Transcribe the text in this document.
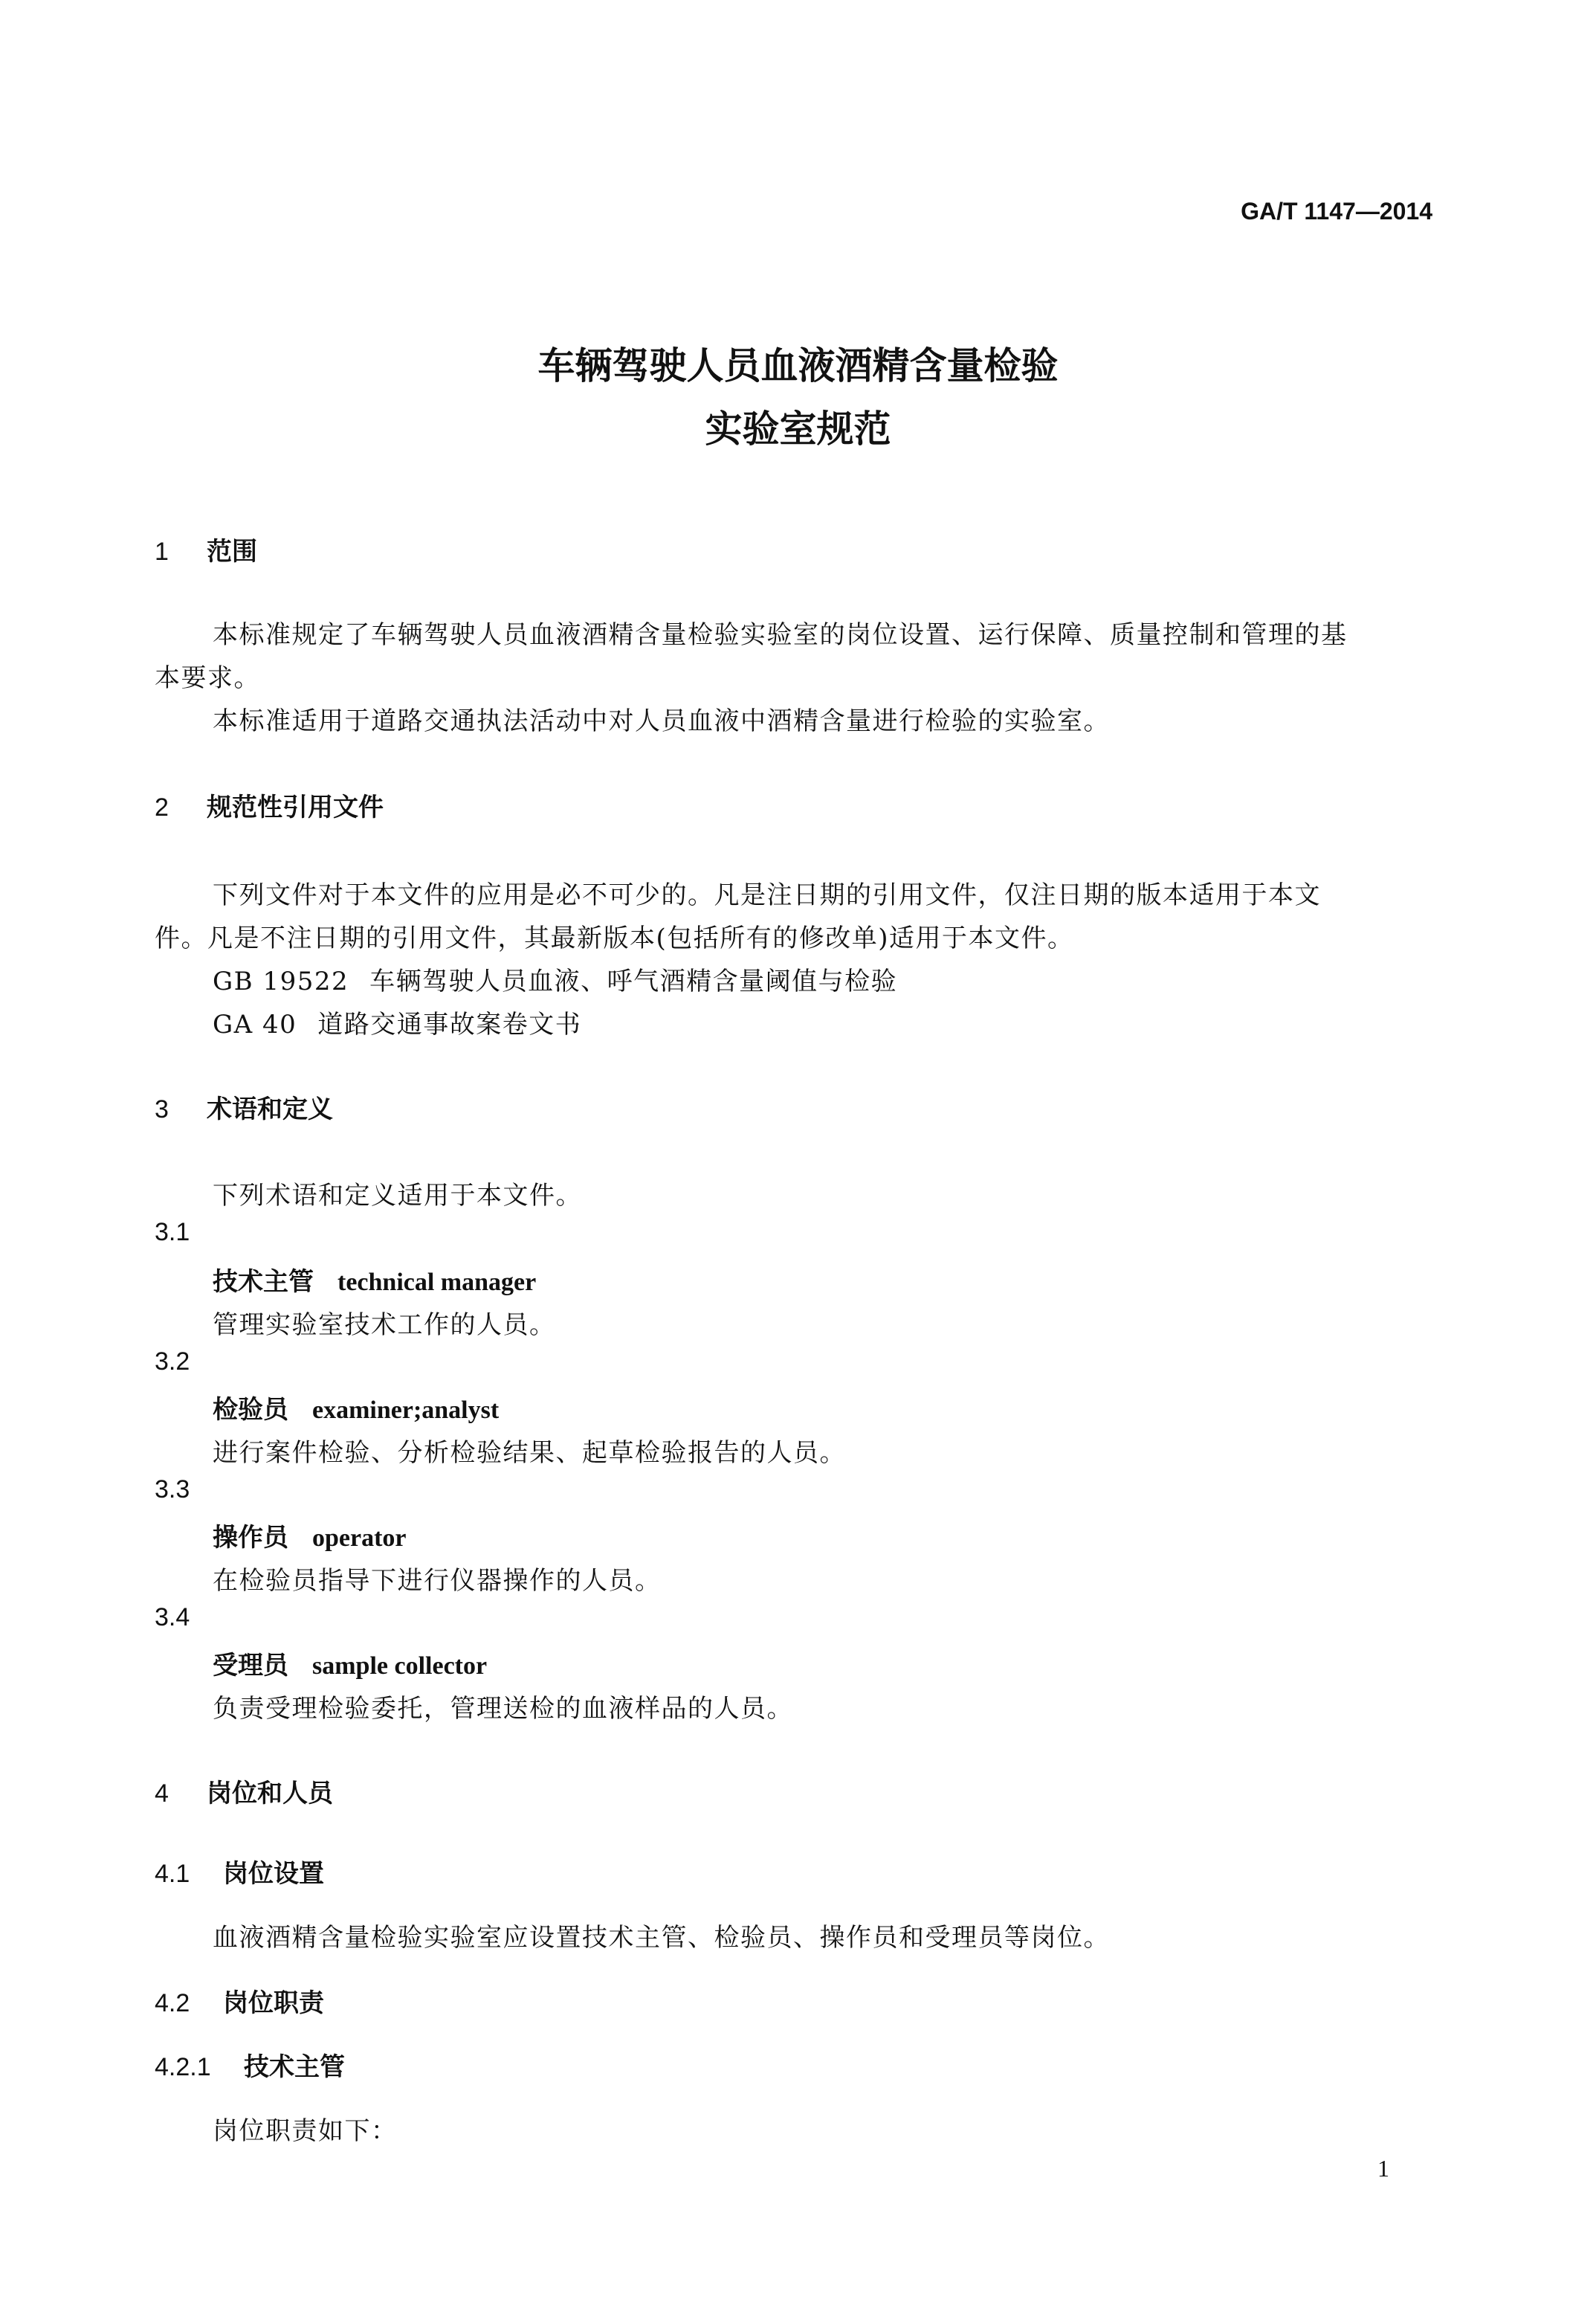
GA/T 1147—2014
车辆驾驶人员血液酒精含量检验
实验室规范
1 范围
本标准规定了车辆驾驶人员血液酒精含量检验实验室的岗位设置、运行保障、质量控制和管理的基
本要求。
本标准适用于道路交通执法活动中对人员血液中酒精含量进行检验的实验室。
2 规范性引用文件
下列文件对于本文件的应用是必不可少的。凡是注日期的引用文件，仅注日期的版本适用于本文
件。凡是不注日期的引用文件，其最新版本(包括所有的修改单)适用于本文件。
GB 19522 车辆驾驶人员血液、呼气酒精含量阈值与检验
GA 40 道路交通事故案卷文书
3 术语和定义
下列术语和定义适用于本文件。
3.1
技术主管 technical manager
管理实验室技术工作的人员。
3.2
检验员 examiner;analyst
进行案件检验、分析检验结果、起草检验报告的人员。
3.3
操作员 operator
在检验员指导下进行仪器操作的人员。
3.4
受理员 sample collector
负责受理检验委托，管理送检的血液样品的人员。
4 岗位和人员
4.1 岗位设置
血液酒精含量检验实验室应设置技术主管、检验员、操作员和受理员等岗位。
4.2 岗位职责
4.2.1 技术主管
岗位职责如下：
1
